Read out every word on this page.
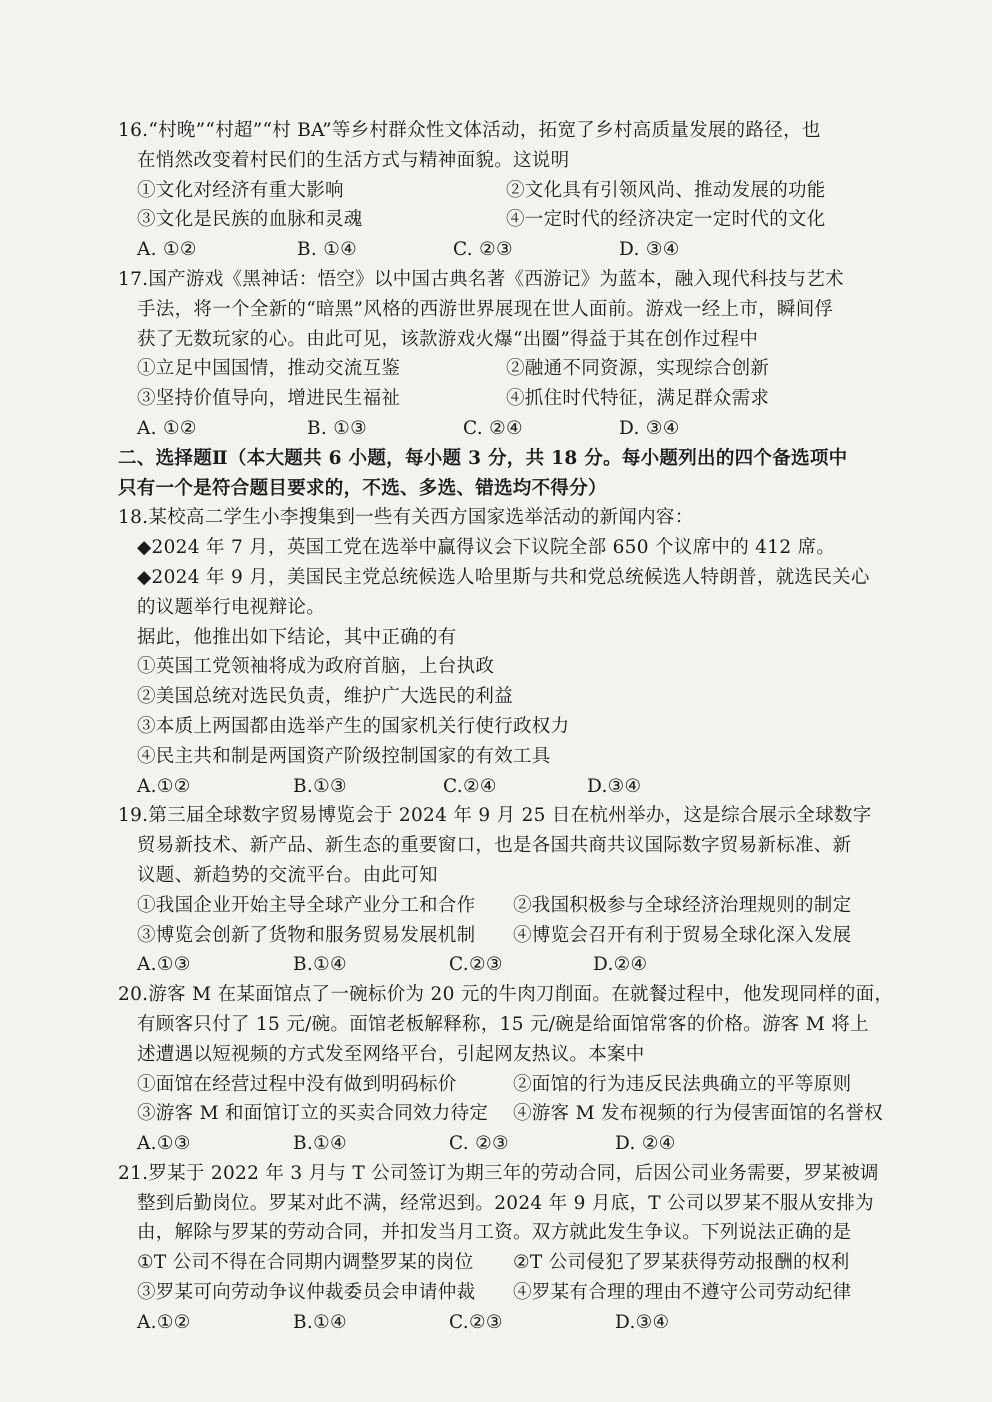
16.“村晚”“村超”“村 BA”等乡村群众性文体活动，拓宽了乡村高质量发展的路径，也
在悄然改变着村民们的生活方式与精神面貌。这说明
①文化对经济有重大影响	②文化具有引领风尚、推动发展的功能
③文化是民族的血脉和灵魂	④一定时代的经济决定一定时代的文化
A. ①②	B. ①④	C. ②③	D. ③④
17.国产游戏《黑神话：悟空》以中国古典名著《西游记》为蓝本，融入现代科技与艺术
手法，将一个全新的“暗黑”风格的西游世界展现在世人面前。游戏一经上市，瞬间俘
获了无数玩家的心。由此可见，该款游戏火爆“出圈”得益于其在创作过程中
①立足中国国情，推动交流互鉴	②融通不同资源，实现综合创新
③坚持价值导向，增进民生福祉	④抓住时代特征，满足群众需求
A. ①②	B. ①③	C. ②④	D. ③④
二、选择题Ⅱ（本大题共 6 小题，每小题 3 分，共 18 分。每小题列出的四个备选项中
只有一个是符合题目要求的，不选、多选、错选均不得分）
18.某校高二学生小李搜集到一些有关西方国家选举活动的新闻内容：
◆2024 年 7 月，英国工党在选举中赢得议会下议院全部 650 个议席中的 412 席。
◆2024 年 9 月，美国民主党总统候选人哈里斯与共和党总统候选人特朗普，就选民关心
的议题举行电视辩论。
据此，他推出如下结论，其中正确的有
①英国工党领袖将成为政府首脑，上台执政
②美国总统对选民负责，维护广大选民的利益
③本质上两国都由选举产生的国家机关行使行政权力
④民主共和制是两国资产阶级控制国家的有效工具
A.①②	B.①③	C.②④	D.③④
19.第三届全球数字贸易博览会于 2024 年 9 月 25 日在杭州举办，这是综合展示全球数字
贸易新技术、新产品、新生态的重要窗口，也是各国共商共议国际数字贸易新标准、新
议题、新趋势的交流平台。由此可知
①我国企业开始主导全球产业分工和合作	②我国积极参与全球经济治理规则的制定
③博览会创新了货物和服务贸易发展机制	④博览会召开有利于贸易全球化深入发展
A.①③	B.①④	C.②③	D.②④
20.游客 M 在某面馆点了一碗标价为 20 元的牛肉刀削面。在就餐过程中，他发现同样的面，
有顾客只付了 15 元/碗。面馆老板解释称，15 元/碗是给面馆常客的价格。游客 M 将上
述遭遇以短视频的方式发至网络平台，引起网友热议。本案中
①面馆在经营过程中没有做到明码标价	②面馆的行为违反民法典确立的平等原则
③游客 M 和面馆订立的买卖合同效力待定	④游客 M 发布视频的行为侵害面馆的名誉权
A.①③	B.①④	C. ②③	D. ②④
21.罗某于 2022 年 3 月与 T 公司签订为期三年的劳动合同，后因公司业务需要，罗某被调
整到后勤岗位。罗某对此不满，经常迟到。2024 年 9 月底，T 公司以罗某不服从安排为
由，解除与罗某的劳动合同，并扣发当月工资。双方就此发生争议。下列说法正确的是
①T 公司不得在合同期内调整罗某的岗位	②T 公司侵犯了罗某获得劳动报酬的权利
③罗某可向劳动争议仲裁委员会申请仲裁	④罗某有合理的理由不遵守公司劳动纪律
A.①②	B.①④	C.②③	D.③④
